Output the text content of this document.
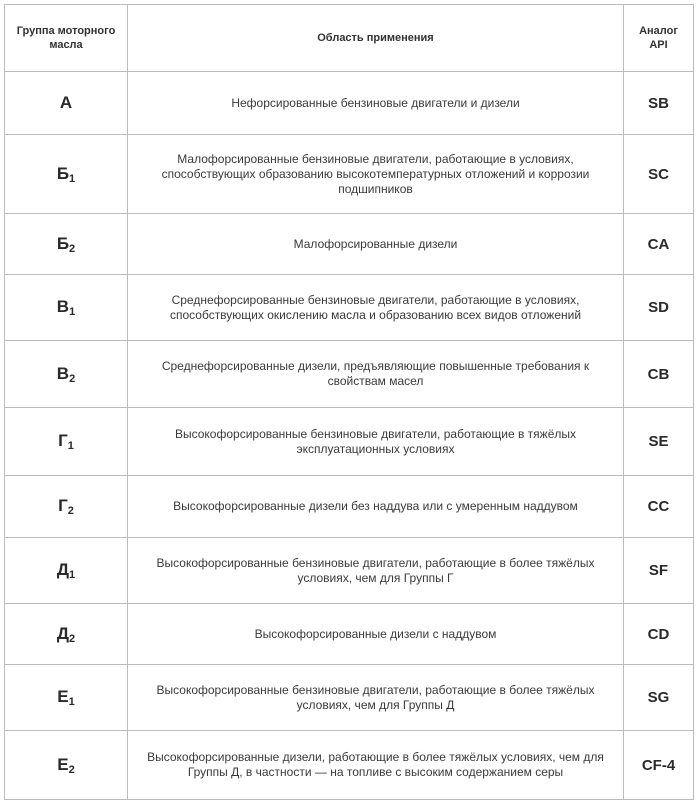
Группа моторного масла	Область применения	Аналог API
А	Нефорсированные бензиновые двигатели и дизели	SB
$Б_1$	Малофорсированные бензиновые двигатели, работающие в условиях, способствующих образованию высокотемпературных отложений и коррозии подшипников	SC
$Б_2$	Малофорсированные дизели	CA
$В_1$	Среднефорсированные бензиновые двигатели, работающие в условиях, способствующих окислению масла и образованию всех видов отложений	SD
$В_2$	Среднефорсированные дизели, предъявляющие повышенные требования к свойствам масел	CB
$Г_1$	Высокофорсированные бензиновые двигатели, работающие в тяжёлых эксплуатационных условиях	SE
$Г_2$	Высокофорсированные дизели без наддува или с умеренным наддувом	CC
$Д_1$	Высокофорсированные бензиновые двигатели, работающие в более тяжёлых условиях, чем для Группы Г	SF
$Д_2$	Высокофорсированные дизели с наддувом	CD
$Е_1$	Высокофорсированные бензиновые двигатели, работающие в более тяжёлых условиях, чем для Группы Д	SG
$Е_2$	Высокофорсированные дизели, работающие в более тяжёлых условиях, чем для Группы Д, в частности — на топливе с высоким содержанием серы	CF-4
